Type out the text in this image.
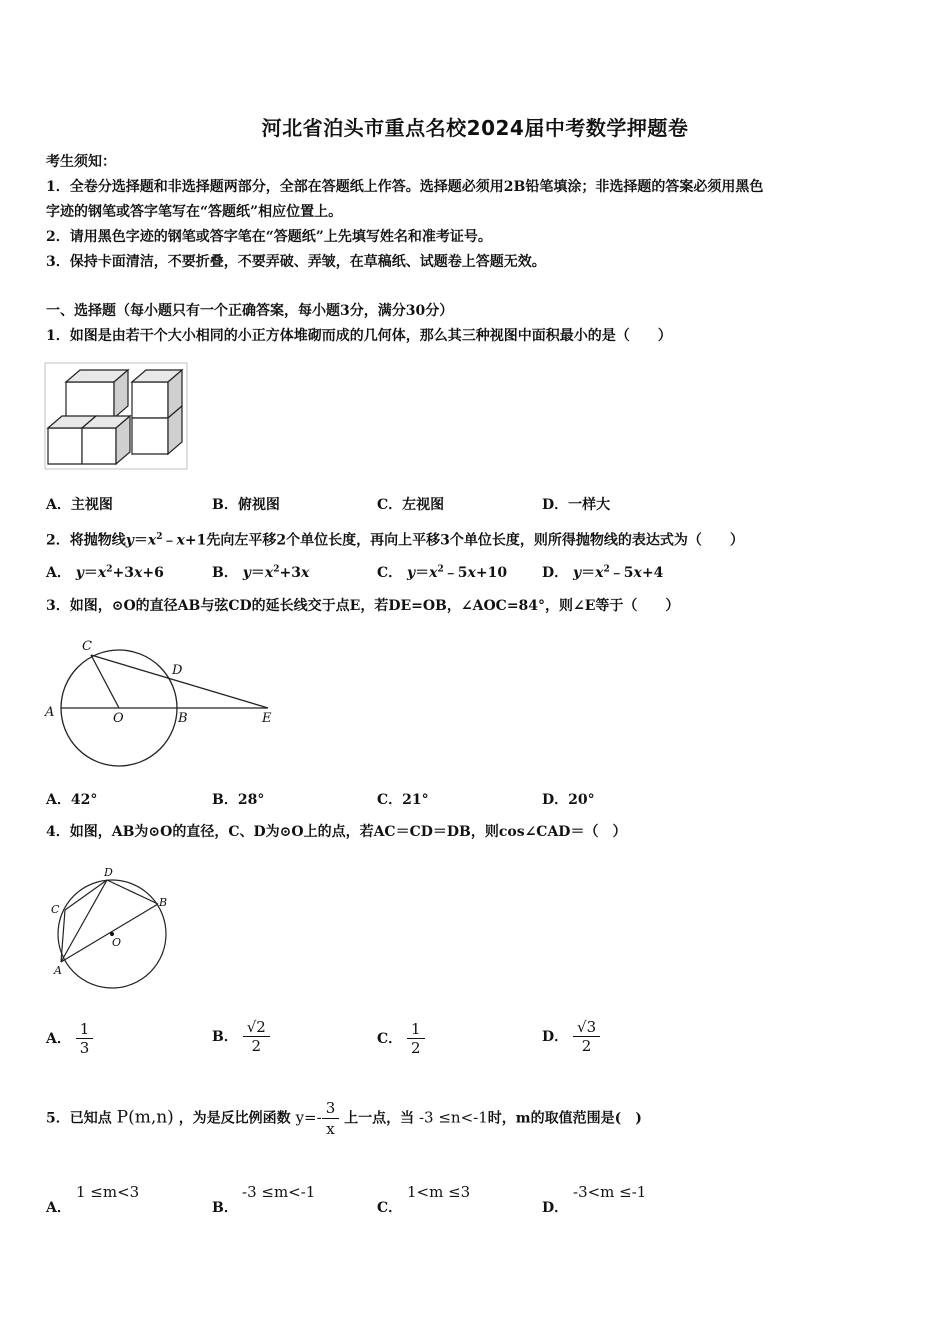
河北省泊头市重点名校2024届中考数学押题卷
考生须知：
1．全卷分选择题和非选择题两部分，全部在答题纸上作答。选择题必须用2B铅笔填涂；非选择题的答案必须用黑色
字迹的钢笔或答字笔写在“答题纸”相应位置上。
2．请用黑色字迹的钢笔或答字笔在“答题纸”上先填写姓名和准考证号。
3．保持卡面清洁，不要折叠，不要弄破、弄皱，在草稿纸、试题卷上答题无效。
一、选择题（每小题只有一个正确答案，每小题3分，满分30分）
1．如图是由若干个大小相同的小正方体堆砌而成的几何体，那么其三种视图中面积最小的是（　　）
A．主视图	B．俯视图	C．左视图	D．一样大
2．将抛物线$y=x^2﹣x+1$先向左平移2个单位长度，再向上平移3个单位长度，则所得抛物线的表达式为（　　）
A． $y=x^2+3x+6$	B． $y=x^2+3x$	C． $y=x^2﹣5x+10$ D． $y=x^2﹣5x+4$
3．如图，⊙O的直径AB与弦CD的延长线交于点E，若DE=OB，∠AOC=84°，则∠E等于（　　）
C
D
A	O	B	E
A．42°	B．28°	C．21°	D．20°
4．如图，AB为⊙O的直径，C、D为⊙O上的点，若AC＝CD＝DB，则cos∠CAD＝（　）
D
C
B
O
A
A． $\frac{1}{3}$	B． $\frac{√2}{2}$	C． $\frac{1}{2}$	D． $\frac{√3}{2}$
5．已知点 P(m,n) ，为是反比例函数 $y=- \frac{3}{x}$ 上一点，当 -3 ≤n<-1时，m的取值范围是(　)
A．
1 ≤m<3
B．
-3 ≤m<-1
C．
1<m ≤3
D．
-3<m ≤-1
